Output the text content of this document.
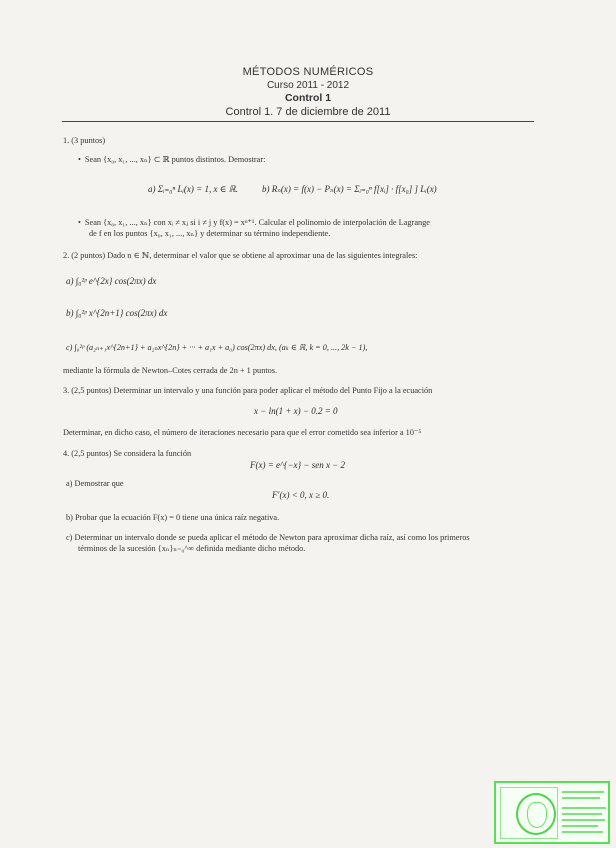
MÉTODOS NUMÉRICOS
Curso 2011 - 2012
Control 1
Control 1. 7 de diciembre de 2011
1. (3 puntos)
• Sean {x₀, x₁, ..., xₙ} ⊂ ℝ puntos distintos. Demostrar:
a) Σᵢ₌₀ⁿ Lᵢ(x) = 1, x ∈ ℝ.	b) Rₙ(x) = f(x) − Pₙ(x) = Σᵢ₌₀ⁿ f[xᵢ] · f[x₀] ] Lᵢ(x)
• Sean {x₀, x₁, ..., xₙ} con xᵢ ≠ xⱼ si i ≠ j y f(x) = xⁿ⁺¹. Calcular el polinomio de interpolación de Lagrange
de f en los puntos {x₀, x₁, ..., xₙ} y determinar su término independiente.
2. (2 puntos) Dado n ∈ ℕ, determinar el valor que se obtiene al aproximar una de las siguientes integrales:
a) ∫₀²ᵖ e^{2x} cos(2πx) dx
b) ∫₀²ᵖ x^{2n+1} cos(2πx) dx
c) ∫₀²ᵖ (a₂ₙ₊₁x^{2n+1} + a₂ₙx^{2n} + ··· + a₁x + a₀) cos(2πx) dx, (aₖ ∈ ℝ, k = 0, ..., 2k − 1),
mediante la fórmula de Newton–Cotes cerrada de 2n + 1 puntos.
3. (2,5 puntos) Determinar un intervalo y una función para poder aplicar el método del Punto Fijo a la ecuación
x − ln(1 + x) − 0.2 = 0
Determinar, en dicho caso, el número de iteraciones necesario para que el error cometido sea inferior a 10⁻⁵
4. (2,5 puntos) Se considera la función
F(x) = e^{−x} − sen x − 2
a) Demostrar que
F′(x) < 0, x ≥ 0.
b) Probar que la ecuación F(x) = 0 tiene una única raíz negativa.
c) Determinar un intervalo donde se pueda aplicar el método de Newton para aproximar dicha raíz, así como los primeros
términos de la sucesión {xₙ}ₙ₌₀^∞ definida mediante dicho método.
